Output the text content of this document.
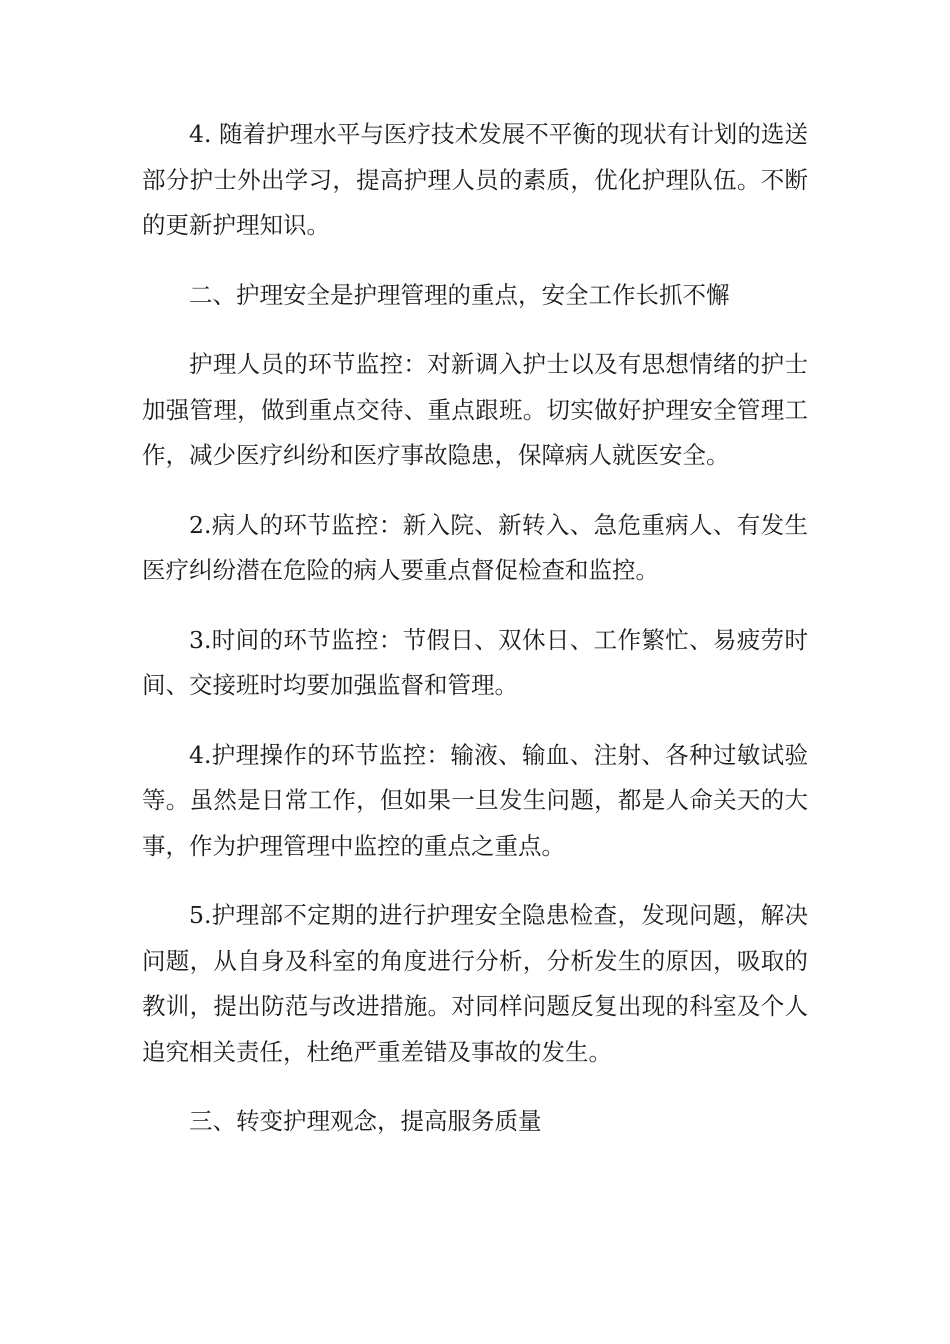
4. 随着护理水平与医疗技术发展不平衡的现状有计划的选送部分护士外出学习，提高护理人员的素质，优化护理队伍。不断的更新护理知识。

二、护理安全是护理管理的重点，安全工作长抓不懈

护理人员的环节监控：对新调入护士以及有思想情绪的护士加强管理，做到重点交待、重点跟班。切实做好护理安全管理工作，减少医疗纠纷和医疗事故隐患，保障病人就医安全。

2.病人的环节监控：新入院、新转入、急危重病人、有发生医疗纠纷潜在危险的病人要重点督促检查和监控。

3.时间的环节监控：节假日、双休日、工作繁忙、易疲劳时间、交接班时均要加强监督和管理。

4.护理操作的环节监控：输液、输血、注射、各种过敏试验等。虽然是日常工作，但如果一旦发生问题，都是人命关天的大事，作为护理管理中监控的重点之重点。

5.护理部不定期的进行护理安全隐患检查，发现问题，解决问题，从自身及科室的角度进行分析，分析发生的原因，吸取的教训，提出防范与改进措施。对同样问题反复出现的科室及个人追究相关责任，杜绝严重差错及事故的发生。

三、转变护理观念，提高服务质量
